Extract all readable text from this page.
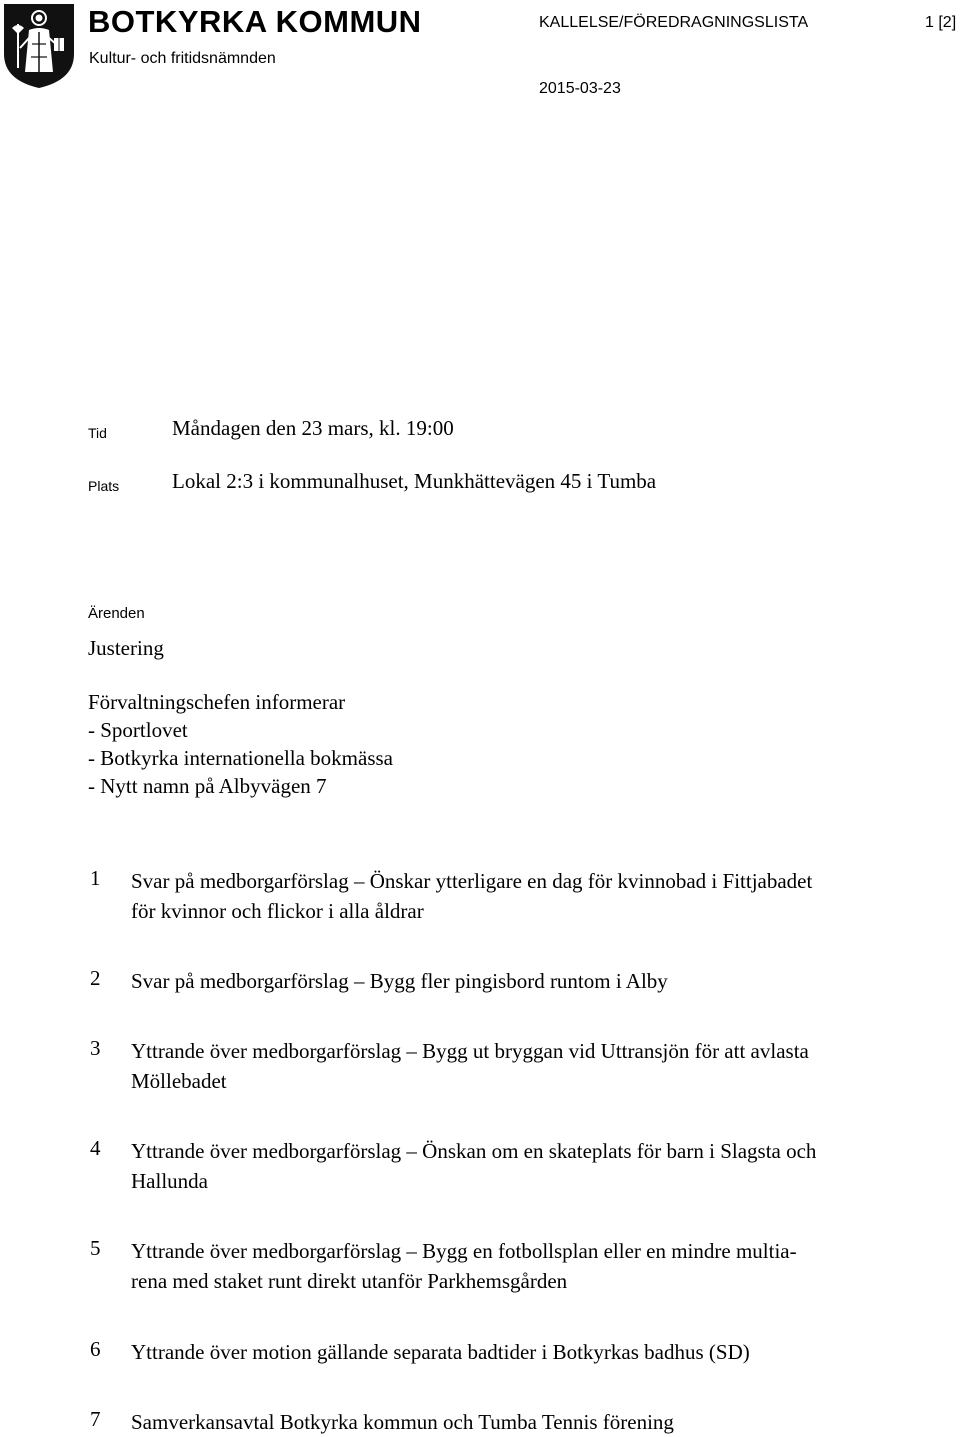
BOTKYRKA KOMMUN
Kultur- och fritidsnämnden
KALLELSE/FÖREDRAGNINGSLISTA	1 [2]
2015-03-23
Tid	Måndagen den 23 mars, kl. 19:00
Plats	Lokal 2:3 i kommunalhuset, Munkhättevägen 45 i Tumba
Ärenden
Justering
Förvaltningschefen informerar
- Sportlovet
- Botkyrka internationella bokmässa
- Nytt namn på Albyvägen 7
1 Svar på medborgarförslag – Önskar ytterligare en dag för kvinnobad i Fittjabadet
för kvinnor och flickor i alla åldrar
2 Svar på medborgarförslag – Bygg fler pingisbord runtom i Alby
3 Yttrande över medborgarförslag – Bygg ut bryggan vid Uttransjön för att avlasta
Möllebadet
4 Yttrande över medborgarförslag – Önskan om en skateplats för barn i Slagsta och
Hallunda
5 Yttrande över medborgarförslag – Bygg en fotbollsplan eller en mindre multia-
rena med staket runt direkt utanför Parkhemsgården
6 Yttrande över motion gällande separata badtider i Botkyrkas badhus (SD)
7 Samverkansavtal Botkyrka kommun och Tumba Tennis förening
